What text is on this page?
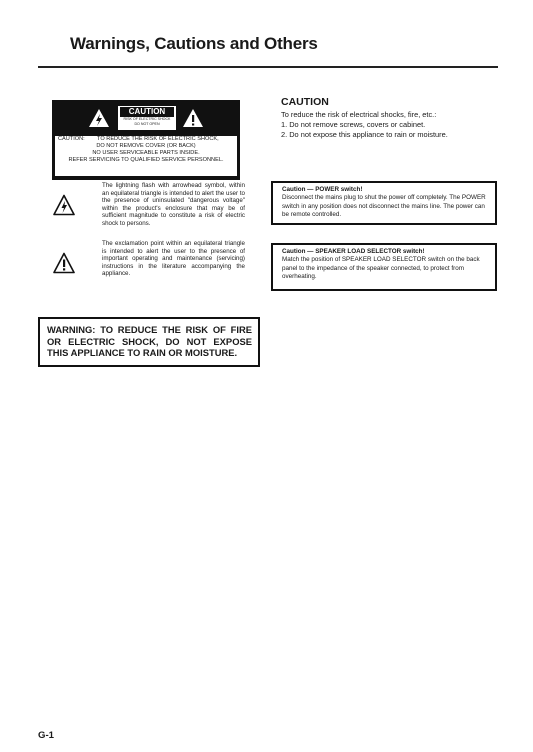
Warnings, Cautions and Others
CAUTION
RISK OF ELECTRIC SHOCK
DO NOT OPEN
CAUTION:        TO REDUCE THE RISK OF ELECTRIC SHOCK,
DO NOT REMOVE COVER (OR BACK)
NO USER SERVICEABLE PARTS INSIDE.
REFER SERVICING TO QUALIFIED SERVICE PERSONNEL.
The lightning flash with arrowhead symbol, within an equilateral triangle is intended to alert the user to the presence of uninsulated "dangerous voltage" within the product's enclosure that may be of sufficient magnitude to constitute a risk of electric shock to persons.
The exclamation point within an equilateral triangle is intended to alert the user to the presence of important operating and maintenance (servicing) instructions in the literature accompanying the appliance.
WARNING: TO REDUCE THE RISK OF FIRE OR ELECTRIC SHOCK, DO NOT EXPOSE THIS APPLIANCE TO RAIN OR MOISTURE.
CAUTION
To reduce the risk of electrical shocks, fire, etc.:
1. Do not remove screws, covers or cabinet.
2. Do not expose this appliance to rain or moisture.
Caution — POWER switch!
Disconnect the mains plug to shut the power off completely. The POWER switch in any position does not disconnect the mains line. The power can be remote controlled.
Caution — SPEAKER LOAD SELECTOR switch!
Match the position of SPEAKER LOAD SELECTOR switch on the back panel to the impedance of the speaker connected, to protect from overheating.
G-1
